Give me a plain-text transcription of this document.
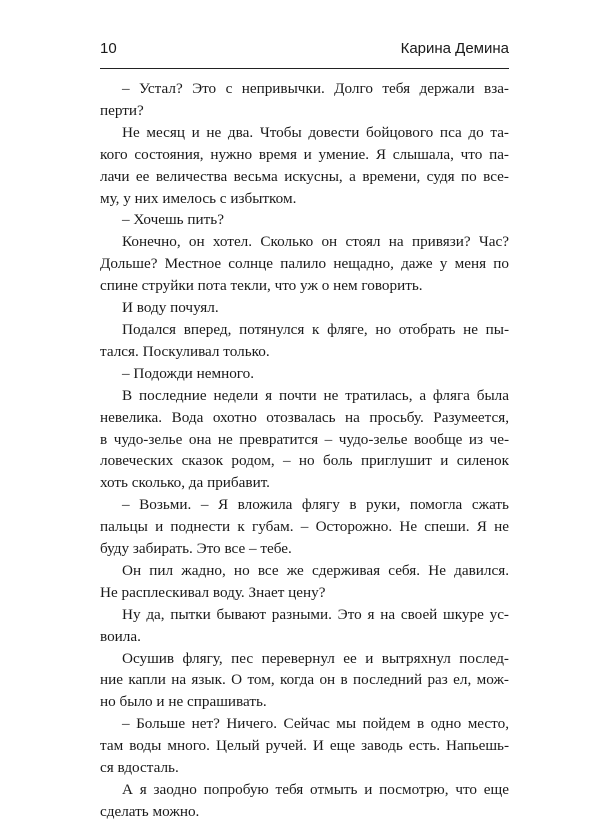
10	Карина Демина
– Устал? Это с непривычки. Долго тебя держали вза-
перти?
Не месяц и не два. Чтобы довести бойцового пса до та-
кого состояния, нужно время и умение. Я слышала, что па-
лачи ее величества весьма искусны, а времени, судя по все-
му, у них имелось с избытком.
– Хочешь пить?
Конечно, он хотел. Сколько он стоял на привязи? Час?
Дольше? Местное солнце палило нещадно, даже у меня по
спине струйки пота текли, что уж о нем говорить.
И воду почуял.
Подался вперед, потянулся к фляге, но отобрать не пы-
тался. Поскуливал только.
– Подожди немного.
В последние недели я почти не тратилась, а фляга была
невелика. Вода охотно отозвалась на просьбу. Разумеется,
в чудо-зелье она не превратится – чудо-зелье вообще из че-
ловеческих сказок родом, – но боль приглушит и силенок
хоть сколько, да прибавит.
– Возьми. – Я вложила флягу в руки, помогла сжать
пальцы и поднести к губам. – Осторожно. Не спеши. Я не
буду забирать. Это все – тебе.
Он пил жадно, но все же сдерживая себя. Не давился.
Не расплескивал воду. Знает цену?
Ну да, пытки бывают разными. Это я на своей шкуре ус-
воила.
Осушив флягу, пес перевернул ее и вытряхнул послед-
ние капли на язык. О том, когда он в последний раз ел, мож-
но было и не спрашивать.
– Больше нет? Ничего. Сейчас мы пойдем в одно место,
там воды много. Целый ручей. И еще заводь есть. Напьешь-
ся вдосталь.
А я заодно попробую тебя отмыть и посмотрю, что еще
сделать можно.
